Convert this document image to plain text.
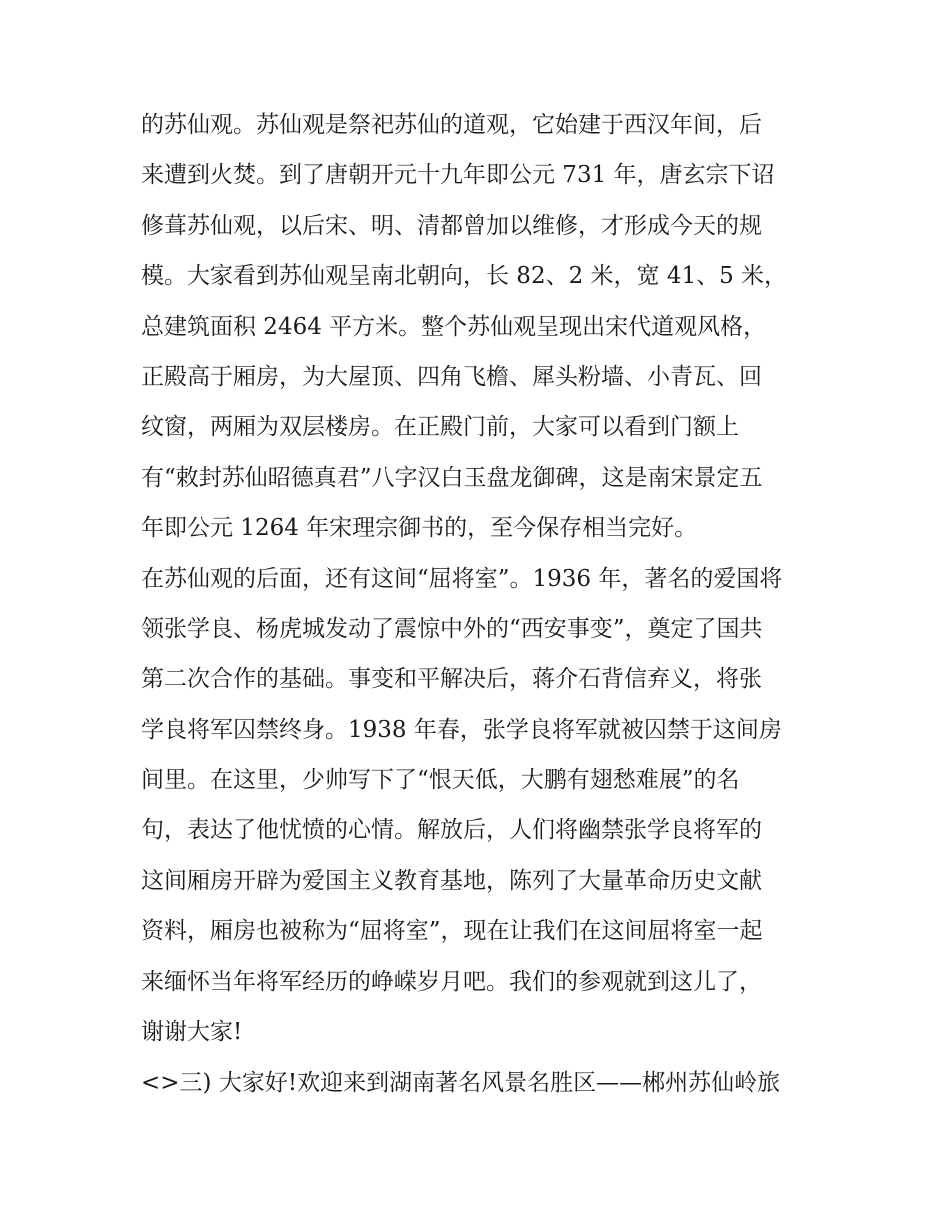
的苏仙观。苏仙观是祭祀苏仙的道观，它始建于西汉年间，后
来遭到火焚。到了唐朝开元十九年即公元 731 年，唐玄宗下诏
修葺苏仙观，以后宋、明、清都曾加以维修，才形成今天的规
模。大家看到苏仙观呈南北朝向，长 82、2 米，宽 41、5 米，
总建筑面积 2464 平方米。整个苏仙观呈现出宋代道观风格，
正殿高于厢房，为大屋顶、四角飞檐、犀头粉墙、小青瓦、回
纹窗，两厢为双层楼房。在正殿门前，大家可以看到门额上
有“敕封苏仙昭德真君”八字汉白玉盘龙御碑，这是南宋景定五
年即公元 1264 年宋理宗御书的，至今保存相当完好。
在苏仙观的后面，还有这间“屈将室”。1936 年，著名的爱国将
领张学良、杨虎城发动了震惊中外的“西安事变”，奠定了国共
第二次合作的基础。事变和平解决后，蒋介石背信弃义，将张
学良将军囚禁终身。1938 年春，张学良将军就被囚禁于这间房
间里。在这里，少帅写下了“恨天低，大鹏有翅愁难展”的名
句，表达了他忧愤的心情。解放后，人们将幽禁张学良将军的
这间厢房开辟为爱国主义教育基地，陈列了大量革命历史文献
资料，厢房也被称为“屈将室”，现在让我们在这间屈将室一起
来缅怀当年将军经历的峥嵘岁月吧。我们的参观就到这儿了，
谢谢大家!
<>三) 大家好!欢迎来到湖南著名风景名胜区——郴州苏仙岭旅
